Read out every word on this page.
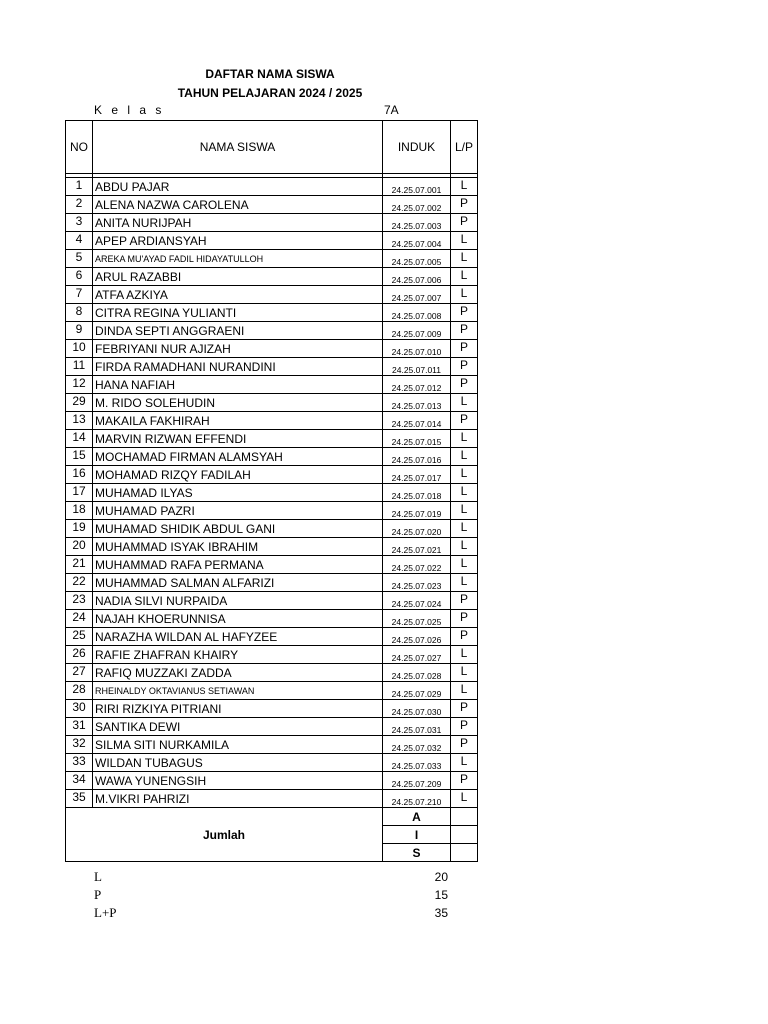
DAFTAR NAMA SISWA
TAHUN PELAJARAN 2024 / 2025
K e l a s	7A
NO	NAMA SISWA	INDUK	L/P

1	ABDU PAJAR	24.25.07.001	L
2	ALENA NAZWA CAROLENA	24.25.07.002	P
3	ANITA NURIJPAH	24.25.07.003	P
4	APEP ARDIANSYAH	24.25.07.004	L
5	AREKA MU'AYAD FADIL HIDAYATULLOH	24.25.07.005	L
6	ARUL RAZABBI	24.25.07.006	L
7	ATFA AZKIYA	24.25.07.007	L
8	CITRA REGINA YULIANTI	24.25.07.008	P
9	DINDA SEPTI ANGGRAENI	24.25.07.009	P
10	FEBRIYANI NUR AJIZAH	24.25.07.010	P
11	FIRDA RAMADHANI NURANDINI	24.25.07.011	P
12	HANA NAFIAH	24.25.07.012	P
29	M. RIDO SOLEHUDIN	24.25.07.013	L
13	MAKAILA FAKHIRAH	24.25.07.014	P
14	MARVIN RIZWAN EFFENDI	24.25.07.015	L
15	MOCHAMAD FIRMAN ALAMSYAH	24.25.07.016	L
16	MOHAMAD RIZQY FADILAH	24.25.07.017	L
17	MUHAMAD ILYAS	24.25.07.018	L
18	MUHAMAD PAZRI	24.25.07.019	L
19	MUHAMAD SHIDIK ABDUL GANI	24.25.07.020	L
20	MUHAMMAD ISYAK IBRAHIM	24.25.07.021	L
21	MUHAMMAD RAFA PERMANA	24.25.07.022	L
22	MUHAMMAD SALMAN ALFARIZI	24.25.07.023	L
23	NADIA SILVI NURPAIDA	24.25.07.024	P
24	NAJAH KHOERUNNISA	24.25.07.025	P
25	NARAZHA WILDAN AL HAFYZEE	24.25.07.026	P
26	RAFIE ZHAFRAN KHAIRY	24.25.07.027	L
27	RAFIQ MUZZAKI ZADDA	24.25.07.028	L
28	RHEINALDY OKTAVIANUS SETIAWAN	24.25.07.029	L
30	RIRI RIZKIYA PITRIANI	24.25.07.030	P
31	SANTIKA DEWI	24.25.07.031	P
32	SILMA SITI NURKAMILA	24.25.07.032	P
33	WILDAN TUBAGUS	24.25.07.033	L
34	WAWA YUNENGSIH	24.25.07.209	P
35	M.VIKRI PAHRIZI	24.25.07.210	L
Jumlah		A	
		I	
		S	
L	20
P	15
L+P	35
